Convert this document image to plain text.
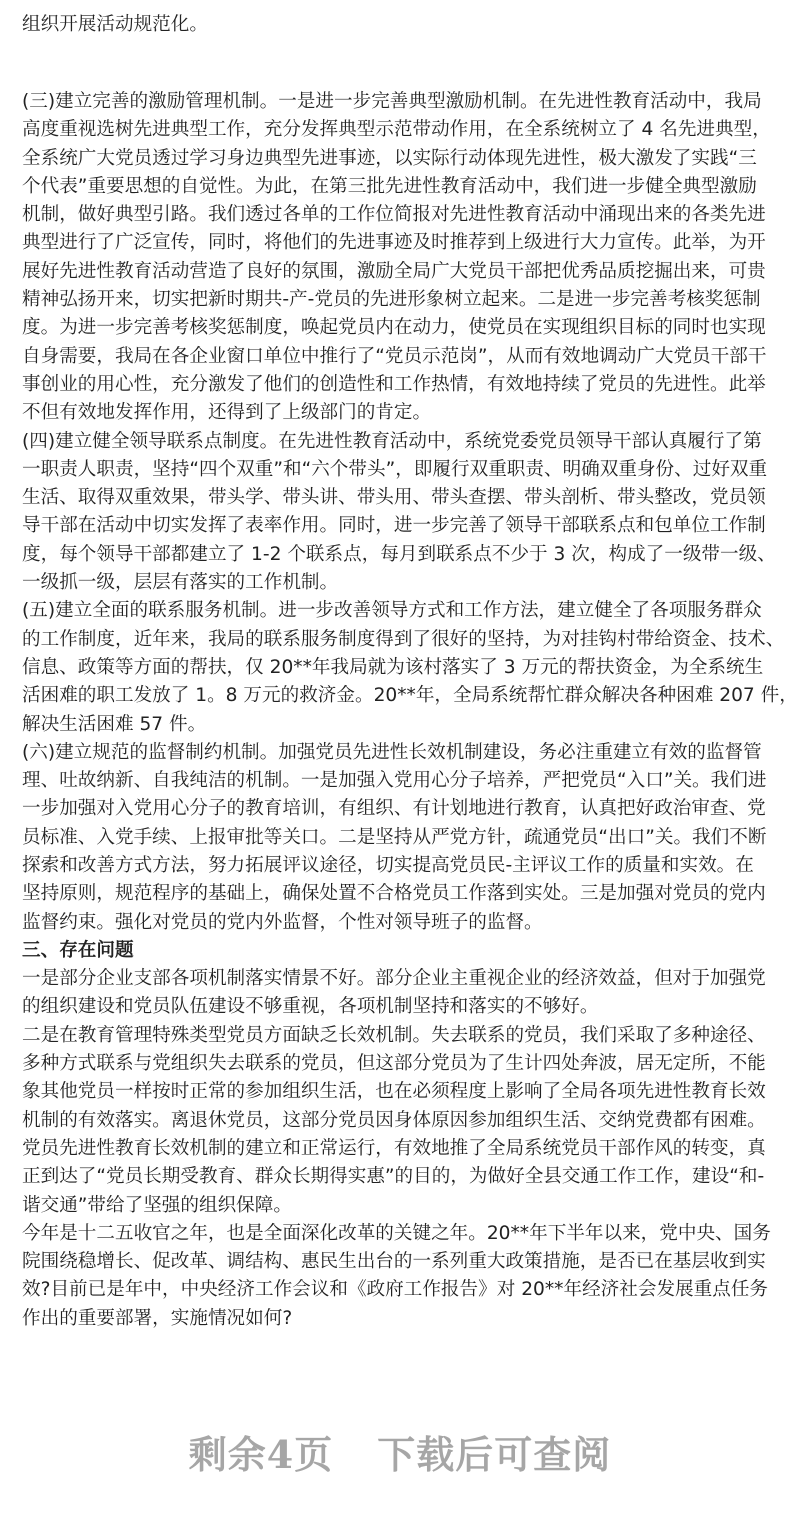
组织开展活动规范化。
(三)建立完善的激励管理机制。一是进一步完善典型激励机制。在先进性教育活动中，我局
高度重视选树先进典型工作，充分发挥典型示范带动作用，在全系统树立了 4 名先进典型，
全系统广大党员透过学习身边典型先进事迹，以实际行动体现先进性，极大激发了实践“三
个代表”重要思想的自觉性。为此，在第三批先进性教育活动中，我们进一步健全典型激励
机制，做好典型引路。我们透过各单的工作位简报对先进性教育活动中涌现出来的各类先进
典型进行了广泛宣传，同时，将他们的先进事迹及时推荐到上级进行大力宣传。此举，为开
展好先进性教育活动营造了良好的氛围，激励全局广大党员干部把优秀品质挖掘出来，可贵
精神弘扬开来，切实把新时期共-产-党员的先进形象树立起来。二是进一步完善考核奖惩制
度。为进一步完善考核奖惩制度，唤起党员内在动力，使党员在实现组织目标的同时也实现
自身需要，我局在各企业窗口单位中推行了“党员示范岗”，从而有效地调动广大党员干部干
事创业的用心性，充分激发了他们的创造性和工作热情，有效地持续了党员的先进性。此举
不但有效地发挥作用，还得到了上级部门的肯定。
(四)建立健全领导联系点制度。在先进性教育活动中，系统党委党员领导干部认真履行了第
一职责人职责，坚持“四个双重”和“六个带头”，即履行双重职责、明确双重身份、过好双重
生活、取得双重效果，带头学、带头讲、带头用、带头查摆、带头剖析、带头整改，党员领
导干部在活动中切实发挥了表率作用。同时，进一步完善了领导干部联系点和包单位工作制
度，每个领导干部都建立了 1-2 个联系点，每月到联系点不少于 3 次，构成了一级带一级、
一级抓一级，层层有落实的工作机制。
(五)建立全面的联系服务机制。进一步改善领导方式和工作方法，建立健全了各项服务群众
的工作制度，近年来，我局的联系服务制度得到了很好的坚持，为对挂钩村带给资金、技术、
信息、政策等方面的帮扶，仅 20**年我局就为该村落实了 3 万元的帮扶资金，为全系统生
活困难的职工发放了 1。8 万元的救济金。20**年，全局系统帮忙群众解决各种困难 207 件，
解决生活困难 57 件。
(六)建立规范的监督制约机制。加强党员先进性长效机制建设，务必注重建立有效的监督管
理、吐故纳新、自我纯洁的机制。一是加强入党用心分子培养，严把党员“入口”关。我们进
一步加强对入党用心分子的教育培训，有组织、有计划地进行教育，认真把好政治审查、党
员标准、入党手续、上报审批等关口。二是坚持从严党方针，疏通党员“出口”关。我们不断
探索和改善方式方法，努力拓展评议途径，切实提高党员民-主评议工作的质量和实效。在
坚持原则，规范程序的基础上，确保处置不合格党员工作落到实处。三是加强对党员的党内
监督约束。强化对党员的党内外监督，个性对领导班子的监督。
三、存在问题
一是部分企业支部各项机制落实情景不好。部分企业主重视企业的经济效益，但对于加强党
的组织建设和党员队伍建设不够重视，各项机制坚持和落实的不够好。
二是在教育管理特殊类型党员方面缺乏长效机制。失去联系的党员，我们采取了多种途径、
多种方式联系与党组织失去联系的党员，但这部分党员为了生计四处奔波，居无定所，不能
象其他党员一样按时正常的参加组织生活，也在必须程度上影响了全局各项先进性教育长效
机制的有效落实。离退休党员，这部分党员因身体原因参加组织生活、交纳党费都有困难。
党员先进性教育长效机制的建立和正常运行，有效地推了全局系统党员干部作风的转变，真
正到达了“党员长期受教育、群众长期得实惠”的目的，为做好全县交通工作工作，建设“和-
谐交通”带给了坚强的组织保障。
今年是十二五收官之年，也是全面深化改革的关键之年。20**年下半年以来，党中央、国务
院围绕稳增长、促改革、调结构、惠民生出台的一系列重大政策措施，是否已在基层收到实
效?目前已是年中，中央经济工作会议和《政府工作报告》对 20**年经济社会发展重点任务
作出的重要部署，实施情况如何?
剩余4页 下载后可查阅
